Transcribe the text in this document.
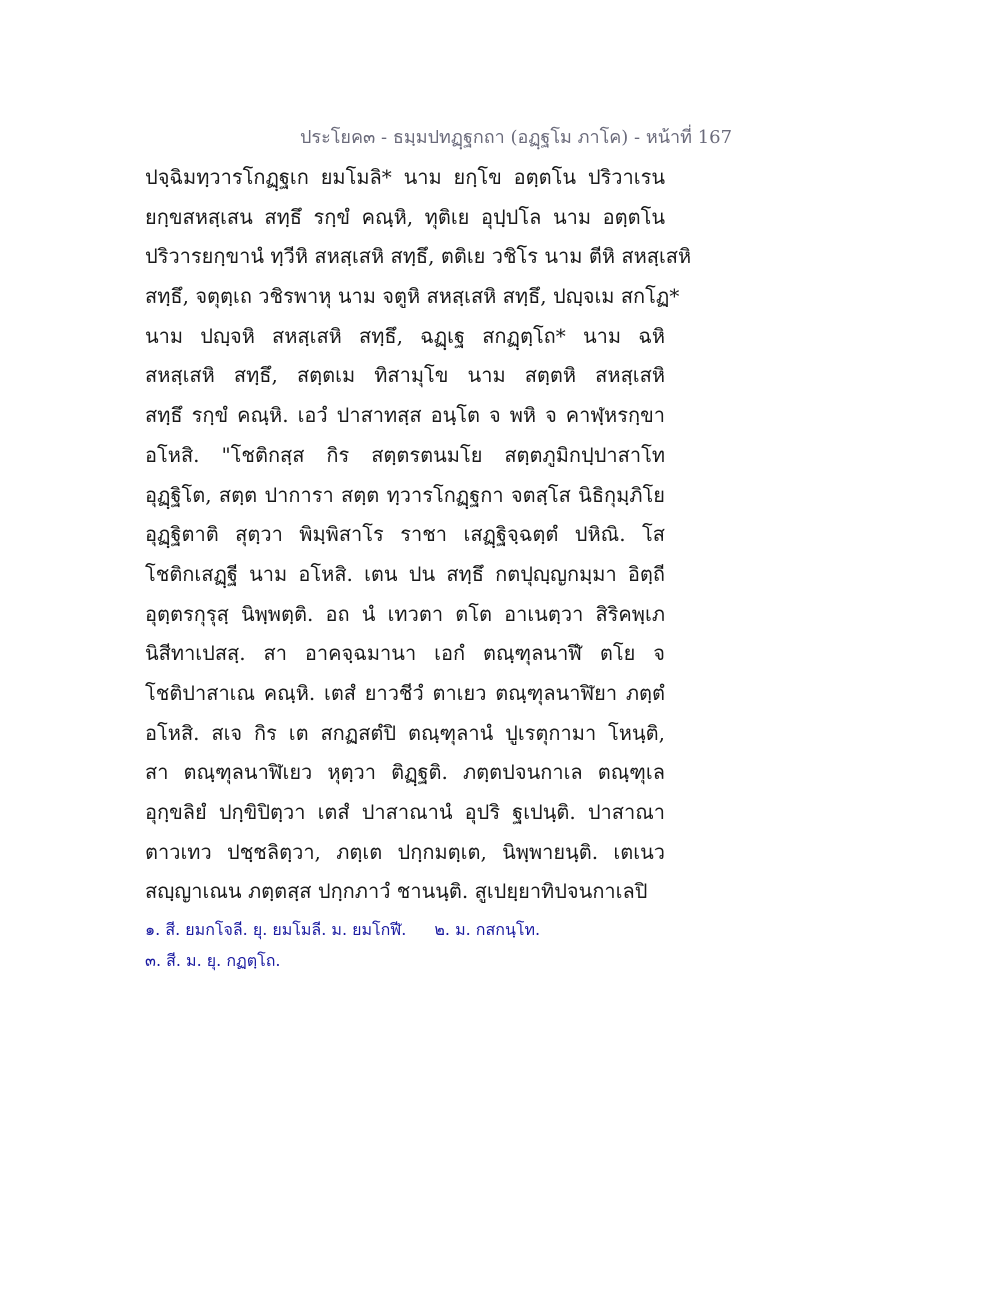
ประโยค๓ - ธมฺมปทฏฺฐกถา (อฏฺฐโม ภาโค) - หน้าที่ 167
ปจฺฉิมทฺวารโกฏฺฐเก ยมโมลิ* นาม ยกฺโข อตฺตโน ปริวาเรน
ยกฺขสหสฺเสน สทฺธึ รกฺขํ คณฺหิ, ทุติเย อุปฺปโล นาม อตฺตโน
ปริวารยกฺขานํ ทฺวีหิ สหสฺเสหิ สทฺธึ, ตติเย วชิโร นาม ตีหิ สหสฺเสหิ
สทฺธึ, จตุตฺเถ วชิรพาหุ นาม จตูหิ สหสฺเสหิ สทฺธึ, ปญฺจเม สกโฏ*
นาม ปญฺจหิ สหสฺเสหิ สทฺธึ, ฉฏฺเฐ สกฏฺตฺโถ* นาม ฉหิ
สหสฺเสหิ สทฺธึ, สตฺตเม ทิสามุโข นาม สตฺตหิ สหสฺเสหิ
สทฺธึ รกฺขํ คณฺหิ. เอวํ ปาสาทสฺส อนฺโต จ พหิ จ คาฬฺหรกฺขา
อโหสิ. "โชติกสฺส กิร สตฺตรตนมโย สตฺตภูมิกปฺปาสาโท
อุฏฺฐิโต, สตฺต ปาการา สตฺต ทฺวารโกฏฺฐกา จตสฺโส นิธิกุมฺภิโย
อุฏฺฐิตาติ สุตฺวา พิมฺพิสาโร ราชา เสฏฺฐิจฺฉตฺตํ ปหิณิ. โส
โชติกเสฏฺฐี นาม อโหสิ. เตน ปน สทฺธึ กตปุญฺญกมฺมา อิตฺถี
อุตฺตรกุรุสฺ นิพฺพตฺติ. อถ นํ เทวตา ตโต อาเนตฺวา สิริคพฺเภ
นิสีทาเปสสฺ. สา อาคจฺฉมานา เอกํ ตณฺฑุลนาฬึ ตโย จ
โชติปาสาเณ คณฺหิ. เตสํ ยาวชีวํ ตาเยว ตณฺฑุลนาฬิยา ภตฺตํ
อโหสิ. สเจ กิร เต สกฏสตํปิ ตณฺฑุลานํ ปูเรตุกามา โหนฺติ,
สา ตณฺฑุลนาฬิเยว หุตฺวา ติฏฺฐติ. ภตฺตปจนกาเล ตณฺฑุเล
อุกฺขลิยํ ปกฺขิปิตฺวา เตสํ ปาสาณานํ อุปริ ฐเปนฺติ. ปาสาณา
ตาวเทว ปชฺชลิตฺวา, ภตฺเต ปกฺกมตฺเต, นิพฺพายนฺติ. เตเนว
สญฺญาเณน ภตฺตสฺส ปกฺกภาวํ ชานนฺติ. สูเปยฺยาทิปจนกาเลปิ
๑. สี. ยมกโจลี. ยุ. ยมโมลี. ม. ยมโกฬี. ๒. ม. กสกนฺโท.
๓. สี. ม. ยุ. กฏตฺโถ.
